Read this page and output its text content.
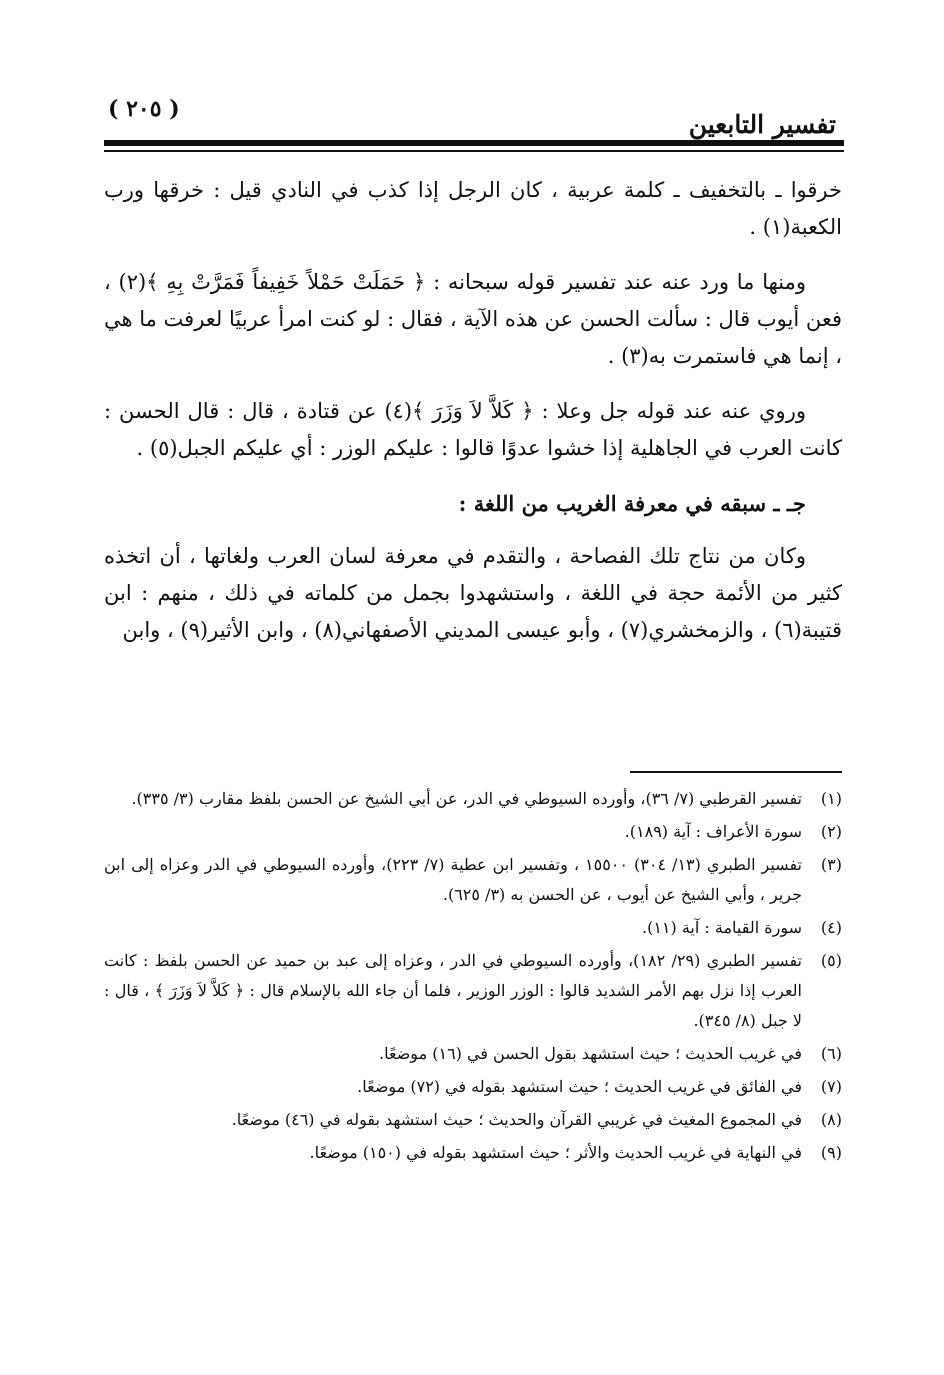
تفسير التابعين
( ٢٠٥ )

خرقوا ـ بالتخفيف ـ كلمة عربية ، كان الرجل إذا كذب في النادي قيل : خرقها ورب الكعبة(١) .

ومنها ما ورد عنه عند تفسير قوله سبحانه : ﴿ حَمَلَتْ حَمْلاً خَفِيفاً فَمَرَّتْ بِهِ ﴾(٢) ، فعن أيوب قال : سألت الحسن عن هذه الآية ، فقال : لو كنت امرأ عربيًا لعرفت ما هي ، إنما هي فاستمرت به(٣) .

وروي عنه عند قوله جل وعلا : ﴿ كَلاَّ لاَ وَزَرَ ﴾(٤) عن قتادة ، قال : قال الحسن : كانت العرب في الجاهلية إذا خشوا عدوًا قالوا : عليكم الوزر : أي عليكم الجبل(٥) .

جـ ـ سبقه في معرفة الغريب من اللغة :

وكان من نتاج تلك الفصاحة ، والتقدم في معرفة لسان العرب ولغاتها ، أن اتخذه كثير من الأئمة حجة في اللغة ، واستشهدوا بجمل من كلماته في ذلك ، منهم : ابن قتيبة(٦) ، والزمخشري(٧) ، وأبو عيسى المديني الأصفهاني(٨) ، وابن الأثير(٩) ، وابن

(١)
تفسير القرطبي (٧/ ٣٦)، وأورده السيوطي في الدر، عن أبي الشيخ عن الحسن بلفظ مقارب (٣/ ٣٣٥).
(٢)
سورة الأعراف : آية (١٨٩).
(٣)
تفسير الطبري (١٣/ ٣٠٤) ١٥٥٠٠ ، وتفسير ابن عطية (٧/ ٢٢٣)، وأورده السيوطي في الدر وعزاه إلى ابن جرير ، وأبي الشيخ عن أيوب ، عن الحسن به (٣/ ٦٢٥).
(٤)
سورة القيامة : آية (١١).
(٥)
تفسير الطبري (٢٩/ ١٨٢)، وأورده السيوطي في الدر ، وعزاه إلى عبد بن حميد عن الحسن بلفظ : كانت العرب إذا نزل بهم الأمر الشديد قالوا : الوزر الوزير ، فلما أن جاء الله بالإسلام قال : ﴿ كَلاَّ لاَ وَزَرَ ﴾ ، قال : لا جبل (٨/ ٣٤٥).
(٦)
في غريب الحديث ؛ حيث استشهد بقول الحسن في (١٦) موضعًا.
(٧)
في الفائق في غريب الحديث ؛ حيث استشهد بقوله في (٧٢) موضعًا.
(٨)
في المجموع المغيث في غريبي القرآن والحديث ؛ حيث استشهد بقوله في (٤٦) موضعًا.
(٩)
في النهاية في غريب الحديث والأثر ؛ حيث استشهد بقوله في (١٥٠) موضعًا.
